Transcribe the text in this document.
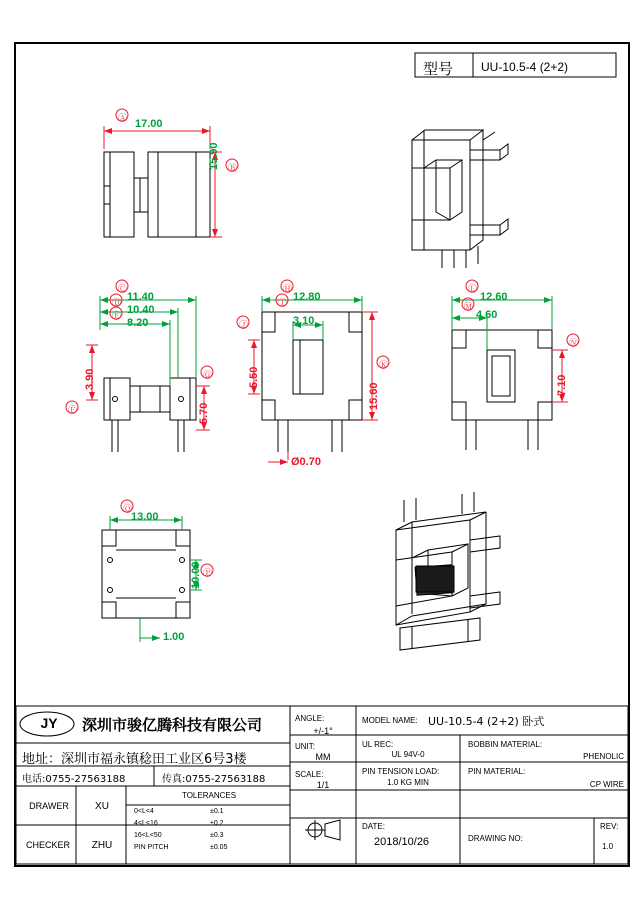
型号 UU-10.5-4 (2+2)
Ⓐ
Ⓑ
17.00
15.90
Ⓒ
Ⓓ
Ⓔ
Ⓕ
Ⓖ
11.40
10.40
8.20
3.90
5.70
Ⓗ
Ⓘ
Ⓙ
Ⓚ
12.80
3.10
5.50
15.60
Ø0.70
Ⓛ
Ⓜ
Ⓝ
12.60
4.60
7.10
Ⓞ
Ⓟ
13.00
10.00
1.00
JY	深圳市骏亿腾科技有限公司
地址：深圳市福永镇稔田工业区6号3楼
电话:0755-27563188	传真:0755-27563188
DRAWER	XU
CHECKER	ZHU
TOLERANCES
0<L<4	±0.1
4<L<16	±0.2
16<L<50	±0.3
PIN PITCH	±0.05
ANGLE:
+/-1°
UNIT:
MM
SCALE:
1/1
MODEL NAME: UU-10.5-4 (2+2) 卧式
UL REC:
UL 94V-0
PIN TENSION LOAD:
1.0 KG MIN
DATE:
2018/10/26
BOBBIN MATERIAL:
PHENOLIC
PIN MATERIAL:
CP WIRE
DRAWING NO:
REV:
1.0
